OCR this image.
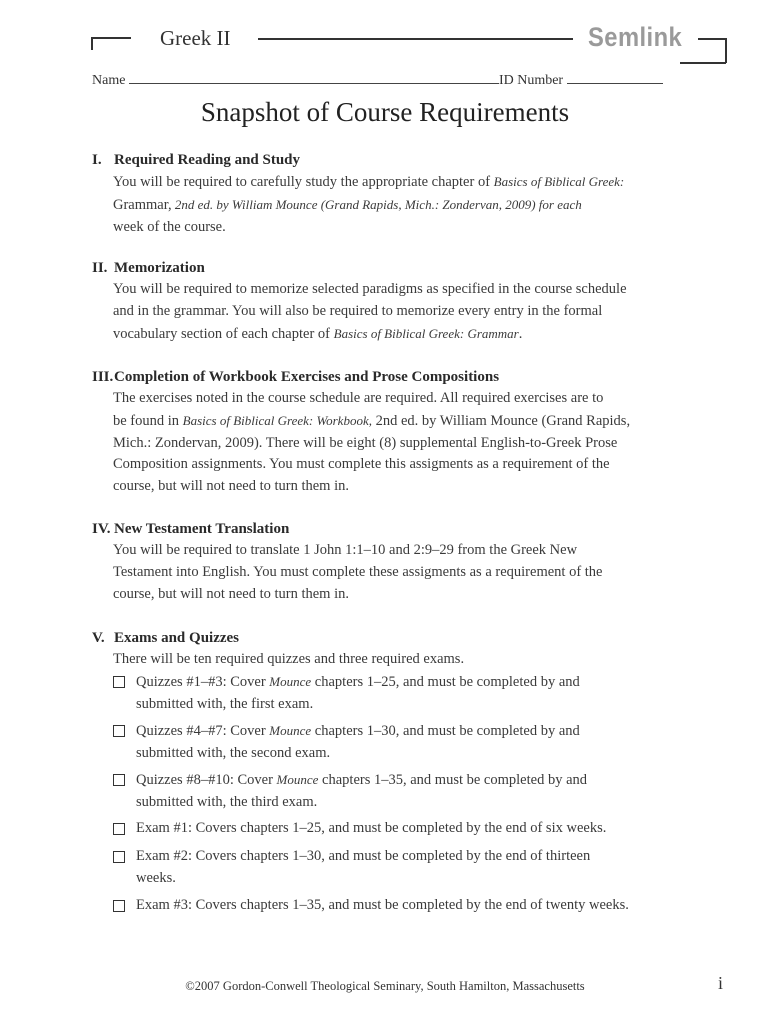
Greek II	Semlink
Name	ID Number
Snapshot of Course Requirements
I. Required Reading and Study
You will be required to carefully study the appropriate chapter of Basics of Biblical Greek:
Grammar, 2nd ed. by William Mounce (Grand Rapids, Mich.: Zondervan, 2009) for each
week of the course.
II. Memorization
You will be required to memorize selected paradigms as specified in the course schedule
and in the grammar. You will also be required to memorize every entry in the formal
vocabulary section of each chapter of Basics of Biblical Greek: Grammar.
III.Completion of Workbook Exercises and Prose Compositions
The exercises noted in the course schedule are required. All required exercises are to
be found in Basics of Biblical Greek: Workbook, 2nd ed. by William Mounce (Grand Rapids,
Mich.: Zondervan, 2009). There will be eight (8) supplemental English-to-Greek Prose
Composition assignments. You must complete this assigments as a requirement of the
course, but will not need to turn them in.
IV. New Testament Translation
You will be required to translate 1 John 1:1–10 and 2:9–29 from the Greek New
Testament into English. You must complete these assigments as a requirement of the
course, but will not need to turn them in.
V. Exams and Quizzes
There will be ten required quizzes and three required exams.
Quizzes #1–#3: Cover Mounce chapters 1–25, and must be completed by and
submitted with, the first exam.
Quizzes #4–#7: Cover Mounce chapters 1–30, and must be completed by and
submitted with, the second exam.
Quizzes #8–#10: Cover Mounce chapters 1–35, and must be completed by and
submitted with, the third exam.
Exam #1: Covers chapters 1–25, and must be completed by the end of six weeks.
Exam #2: Covers chapters 1–30, and must be completed by the end of thirteen
weeks.
Exam #3: Covers chapters 1–35, and must be completed by the end of twenty weeks.
©2007 Gordon-Conwell Theological Seminary, South Hamilton, Massachusetts	i
